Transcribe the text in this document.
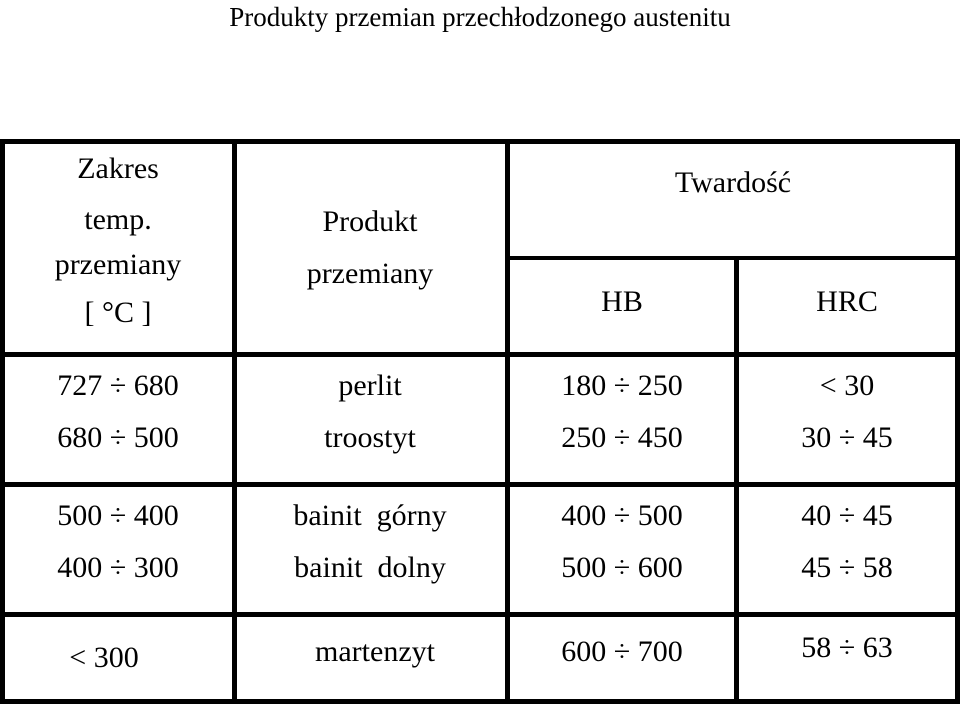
Produkty przemian przechłodzonego austenitu
Zakres
temp.
przemiany
[ °C ]
Produkt
przemiany
Twardość
HB	HRC
727 ÷ 680	perlit	180 ÷ 250	< 30
680 ÷ 500	troostyt	250 ÷ 450	30 ÷ 45
500 ÷ 400	bainit  górny	400 ÷ 500	40 ÷ 45
400 ÷ 300	bainit  dolny	500 ÷ 600	45 ÷ 58
< 300	martenzyt	600 ÷ 700	58 ÷ 63
